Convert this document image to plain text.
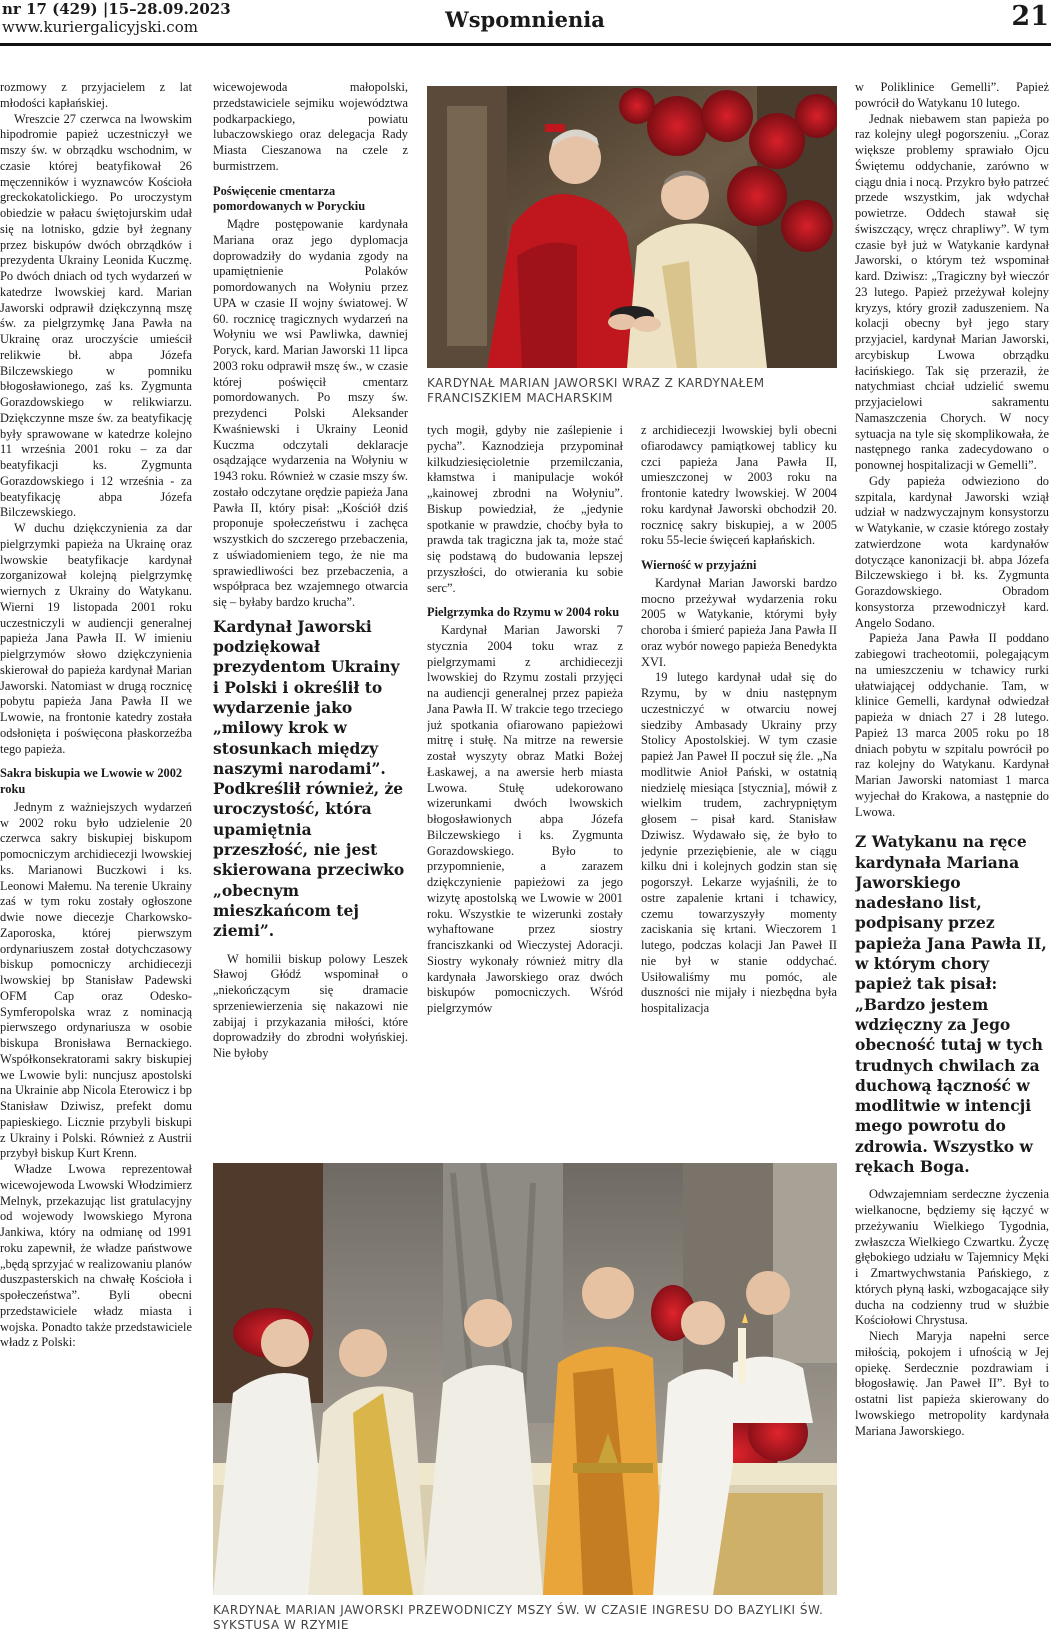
nr 17 (429) |15–28.09.2023
www.kuriergalicyjski.com	Wspomnienia	21

rozmowy z przyjacielem z lat młodości kapłańskiej.

Wreszcie 27 czerwca na lwowskim hipodromie papież uczestniczył we mszy św. w obrządku wschodnim, w czasie której beatyfikował 26 męczenników i wyznawców Kościoła greckokatolickiego. Po uroczystym obiedzie w pałacu świętojurskim udał się na lotnisko, gdzie był żegnany przez biskupów dwóch obrządków i prezydenta Ukrainy Leonida Kuczmę. Po dwóch dniach od tych wydarzeń w katedrze lwowskiej kard. Marian Jaworski odprawił dziękczynną mszę św. za pielgrzymkę Jana Pawła na Ukrainę oraz uroczyście umieścił relikwie bł. abpa Józefa Bilczewskiego w pomniku błogosławionego, zaś ks. Zygmunta Gorazdowskiego w relikwiarzu. Dziękczynne msze św. za beatyfikację były sprawowane w katedrze kolejno 11 września 2001 roku – za dar beatyfikacji ks. Zygmunta Gorazdowskiego i 12 września - za beatyfikację abpa Józefa Bilczewskiego.

W duchu dziękczynienia za dar pielgrzymki papieża na Ukrainę oraz lwowskie beatyfikacje kardynał zorganizował kolejną pielgrzymkę wiernych z Ukrainy do Watykanu. Wierni 19 listopada 2001 roku uczestniczyli w audiencji generalnej papieża Jana Pawła II. W imieniu pielgrzymów słowo dziękczynienia skierował do papieża kardynał Marian Jaworski. Natomiast w drugą rocznicę pobytu papieża Jana Pawła II we Lwowie, na frontonie katedry została odsłonięta i poświęcona płaskorzeźba tego papieża.

Sakra biskupia we Lwowie w 2002 roku

Jednym z ważniejszych wydarzeń w 2002 roku było udzielenie 20 czerwca sakry biskupiej biskupom pomocniczym archidiecezji lwowskiej ks. Marianowi Buczkowi i ks. Leonowi Małemu. Na terenie Ukrainy zaś w tym roku zostały ogłoszone dwie nowe diecezje Charkowsko-Zaporoska, której pierwszym ordynariuszem został dotychczasowy biskup pomocniczy archidiecezji lwowskiej bp Stanisław Padewski OFM Cap oraz Odesko-Symferopolska wraz z nominacją pierwszego ordynariusza w osobie biskupa Bronisława Bernackiego. Współkonsekratorami sakry biskupiej we Lwowie byli: nuncjusz apostolski na Ukrainie abp Nicola Eterowicz i bp Stanisław Dziwisz, prefekt domu papieskiego. Licznie przybyli biskupi z Ukrainy i Polski. Również z Austrii przybył biskup Kurt Krenn.

Władze Lwowa reprezentował wicewojewoda Lwowski Włodzimierz Melnyk, przekazując list gratulacyjny od wojewody lwowskiego Myrona Jankiwa, który na odmianę od 1991 roku zapewnił, że władze państwowe „będą sprzyjać w realizowaniu planów duszpasterskich na chwałę Kościoła i społeczeństwa”. Byli obecni przedstawiciele władz miasta i wojska. Ponadto także przedstawiciele władz z Polski:

wicewojewoda małopolski, przedstawiciele sejmiku województwa podkarpackiego, powiatu lubaczowskiego oraz delegacja Rady Miasta Cieszanowa na czele z burmistrzem.

Poświęcenie cmentarza pomordowanych w Poryckiu

Mądre postępowanie kardynała Mariana oraz jego dyplomacja doprowadziły do wydania zgody na upamiętnienie Polaków pomordowanych na Wołyniu przez UPA w czasie II wojny światowej. W 60. rocznicę tragicznych wydarzeń na Wołyniu we wsi Pawliwka, dawniej Poryck, kard. Marian Jaworski 11 lipca 2003 roku odprawił mszę św., w czasie której poświęcił cmentarz pomordowanych. Po mszy św. prezydenci Polski Aleksander Kwaśniewski i Ukrainy Leonid Kuczma odczytali deklaracje osądzające wydarzenia na Wołyniu w 1943 roku. Również w czasie mszy św. zostało odczytane orędzie papieża Jana Pawła II, który pisał: „Kościół dziś proponuje społeczeństwu i zachęca wszystkich do szczerego przebaczenia, z uświadomieniem tego, że nie ma sprawiedliwości bez przebaczenia, a współpraca bez wzajemnego otwarcia się – byłaby bardzo krucha”.

Kardynał Jaworski podziękował prezydentom Ukrainy i Polski i określił to wydarzenie jako „milowy krok w stosunkach między naszymi narodami”. Podkreślił również, że uroczystość, która upamiętnia przeszłość, nie jest skierowana przeciwko „obecnym mieszkańcom tej ziemi”.

W homilii biskup polowy Leszek Sławoj Głódź wspominał o „niekończącym się dramacie sprzeniewierzenia się nakazowi nie zabijaj i przykazania miłości, które doprowadziły do zbrodni wołyńskiej. Nie byłoby

KARDYNAŁ MARIAN JAWORSKI WRAZ Z KARDYNAŁEM FRANCISZKIEM MACHARSKIM

tych mogił, gdyby nie zaślepienie i pycha”. Kaznodzieja przypominał kilkudziesięcioletnie przemilczania, kłamstwa i manipulacje wokół „kainowej zbrodni na Wołyniu”. Biskup powiedział, że „jedynie spotkanie w prawdzie, choćby była to prawda tak tragiczna jak ta, może stać się podstawą do budowania lepszej przyszłości, do otwierania ku sobie serc”.

Pielgrzymka do Rzymu w 2004 roku

Kardynał Marian Jaworski 7 stycznia 2004 toku wraz z pielgrzymami z archidiecezji lwowskiej do Rzymu zostali przyjęci na audiencji generalnej przez papieża Jana Pawła II. W trakcie tego trzeciego już spotkania ofiarowano papieżowi mitrę i stułę. Na mitrze na rewersie został wyszyty obraz Matki Bożej Łaskawej, a na awersie herb miasta Lwowa. Stułę udekorowano wizerunkami dwóch lwowskich błogosławionych abpa Józefa Bilczewskiego i ks. Zygmunta Gorazdowskiego. Było to przypomnienie, a zarazem dziękczynienie papieżowi za jego wizytę apostolską we Lwowie w 2001 roku. Wszystkie te wizerunki zostały wyhaftowane przez siostry franciszkanki od Wieczystej Adoracji. Siostry wykonały również mitry dla kardynała Jaworskiego oraz dwóch biskupów pomocniczych. Wśród pielgrzymów

z archidiecezji lwowskiej byli obecni ofiarodawcy pamiątkowej tablicy ku czci papieża Jana Pawła II, umieszczonej w 2003 roku na frontonie katedry lwowskiej. W 2004 roku kardynał Jaworski obchodził 20. rocznicę sakry biskupiej, a w 2005 roku 55-lecie święceń kapłańskich.

Wierność w przyjaźni

Kardynał Marian Jaworski bardzo mocno przeżywał wydarzenia roku 2005 w Watykanie, którymi były choroba i śmierć papieża Jana Pawła II oraz wybór nowego papieża Benedykta XVI.

19 lutego kardynał udał się do Rzymu, by w dniu następnym uczestniczyć w otwarciu nowej siedziby Ambasady Ukrainy przy Stolicy Apostolskiej. W tym czasie papież Jan Paweł II poczuł się źle. „Na modlitwie Anioł Pański, w ostatnią niedzielę miesiąca [stycznia], mówił z wielkim trudem, zachrypniętym głosem – pisał kard. Stanisław Dziwisz. Wydawało się, że było to jedynie przeziębienie, ale w ciągu kilku dni i kolejnych godzin stan się pogorszył. Lekarze wyjaśnili, że to ostre zapalenie krtani i tchawicy, czemu towarzyszyły momenty zaciskania się krtani. Wieczorem 1 lutego, podczas kolacji Jan Paweł II nie był w stanie oddychać. Usiłowaliśmy mu pomóc, ale duszności nie mijały i niezbędna była hospitalizacja

w Poliklinice Gemelli”. Papież powrócił do Watykanu 10 lutego.

Jednak niebawem stan papieża po raz kolejny uległ pogorszeniu. „Coraz większe problemy sprawiało Ojcu Świętemu oddychanie, zarówno w ciągu dnia i nocą. Przykro było patrzeć przede wszystkim, jak wdychał powietrze. Oddech stawał się świszczący, wręcz chrapliwy”. W tym czasie był już w Watykanie kardynał Jaworski, o którym też wspominał kard. Dziwisz: „Tragiczny był wieczór 23 lutego. Papież przeżywał kolejny kryzys, który groził zaduszeniem. Na kolacji obecny był jego stary przyjaciel, kardynał Marian Jaworski, arcybiskup Lwowa obrządku łacińskiego. Tak się przeraził, że natychmiast chciał udzielić swemu przyjacielowi sakramentu Namaszczenia Chorych. W nocy sytuacja na tyle się skomplikowała, że następnego ranka zadecydowano o ponownej hospitalizacji w Gemelli”.

Gdy papieża odwieziono do szpitala, kardynał Jaworski wziął udział w nadzwyczajnym konsystorzu w Watykanie, w czasie którego zostały zatwierdzone wota kardynałów dotyczące kanonizacji bł. abpa Józefa Bilczewskiego i bł. ks. Zygmunta Gorazdowskiego. Obradom konsystorza przewodniczył kard. Angelo Sodano.

Papieża Jana Pawła II poddano zabiegowi tracheotomii, polegającym na umieszczeniu w tchawicy rurki ułatwiającej oddychanie. Tam, w klinice Gemelli, kardynał odwiedzał papieża w dniach 27 i 28 lutego. Papież 13 marca 2005 roku po 18 dniach pobytu w szpitalu powrócił po raz kolejny do Watykanu. Kardynał Marian Jaworski natomiast 1 marca wyjechał do Krakowa, a następnie do Lwowa.

Z Watykanu na ręce kardynała Mariana Jaworskiego nadesłano list, podpisany przez papieża Jana Pawła II, w którym chory papież tak pisał: „Bardzo jestem wdzięczny za Jego obecność tutaj w tych trudnych chwilach za duchową łączność w modlitwie w intencji mego powrotu do zdrowia. Wszystko w rękach Boga.

Odwzajemniam serdeczne życzenia wielkanocne, będziemy się łączyć w przeżywaniu Wielkiego Tygodnia, zwłaszcza Wielkiego Czwartku. Życzę głębokiego udziału w Tajemnicy Męki i Zmartwychwstania Pańskiego, z których płyną łaski, wzbogacające siły ducha na codzienny trud w służbie Kościołowi Chrystusa.

Niech Maryja napełni serce miłością, pokojem i ufnością w Jej opiekę. Serdecznie pozdrawiam i błogosławię. Jan Paweł II”. Był to ostatni list papieża skierowany do lwowskiego metropolity kardynała Mariana Jaworskiego.

KARDYNAŁ MARIAN JAWORSKI PRZEWODNICZY MSZY ŚW. W CZASIE INGRESU DO BAZYLIKI ŚW. SYKSTUSA W RZYMIE
